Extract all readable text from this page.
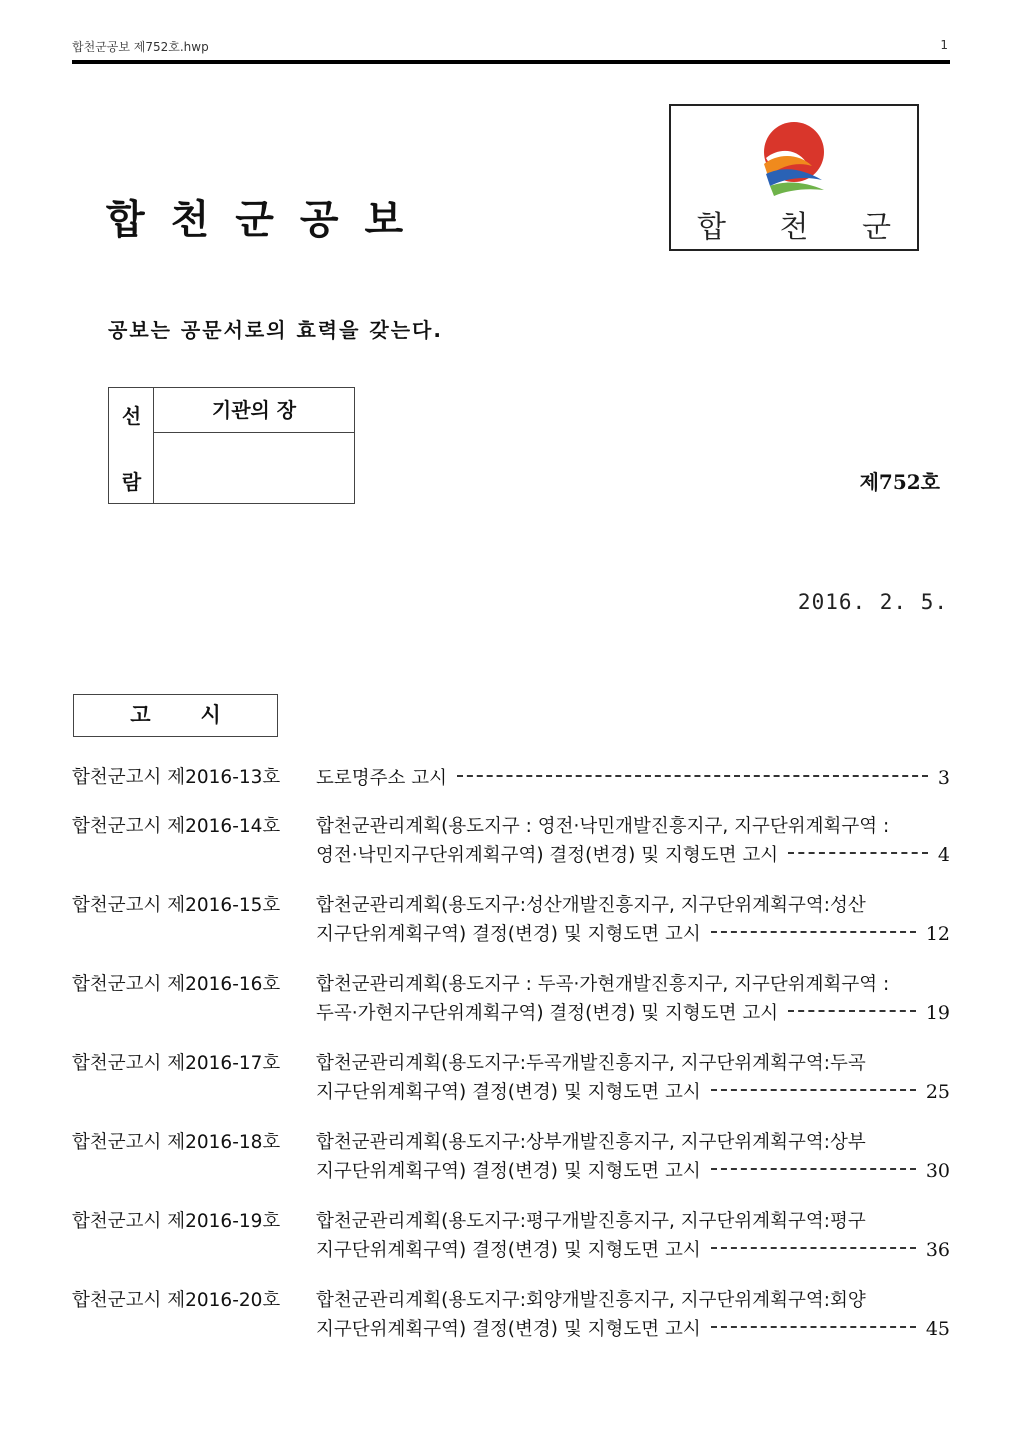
합천군공보 제752호.hwp	1
합천군공보	합 천 군
공보는 공문서로의 효력을 갖는다.
선
람
기관의 장
제752호
2016. 2. 5.
고시
합천군고시 제2016-13호 도로명주소 고시	3
합천군고시 제2016-14호 합천군관리계획(용도지구 : 영전·낙민개발진흥지구, 지구단위계획구역 :
영전·낙민지구단위계획구역) 결정(변경) 및 지형도면 고시	4
합천군고시 제2016-15호 합천군관리계획(용도지구:성산개발진흥지구, 지구단위계획구역:성산
지구단위계획구역) 결정(변경) 및 지형도면 고시	12
합천군고시 제2016-16호 합천군관리계획(용도지구 : 두곡·가현개발진흥지구, 지구단위계획구역 :
두곡·가현지구단위계획구역) 결정(변경) 및 지형도면 고시	19
합천군고시 제2016-17호 합천군관리계획(용도지구:두곡개발진흥지구, 지구단위계획구역:두곡
지구단위계획구역) 결정(변경) 및 지형도면 고시	25
합천군고시 제2016-18호 합천군관리계획(용도지구:상부개발진흥지구, 지구단위계획구역:상부
지구단위계획구역) 결정(변경) 및 지형도면 고시	30
합천군고시 제2016-19호 합천군관리계획(용도지구:평구개발진흥지구, 지구단위계획구역:평구
지구단위계획구역) 결정(변경) 및 지형도면 고시	36
합천군고시 제2016-20호 합천군관리계획(용도지구:회양개발진흥지구, 지구단위계획구역:회양
지구단위계획구역) 결정(변경) 및 지형도면 고시	45
